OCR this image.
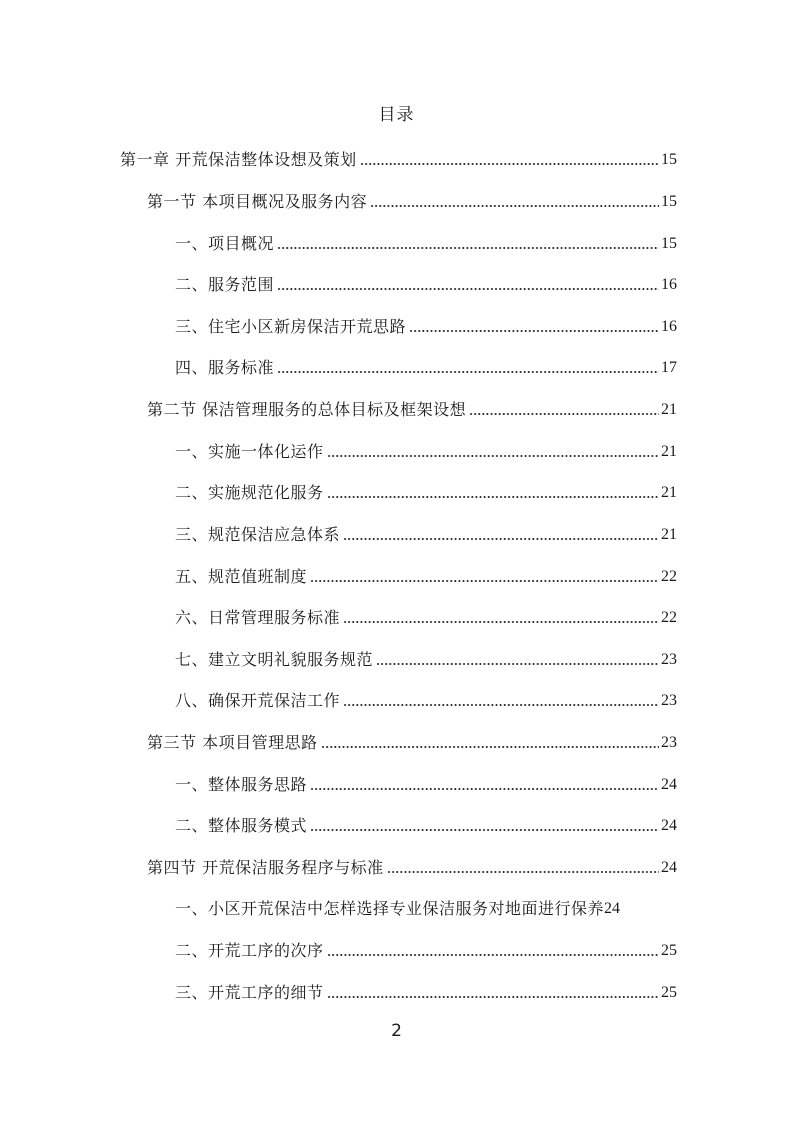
目录
第一章 开荒保洁整体设想及策划	15
第一节 本项目概况及服务内容	15
一、项目概况	15
二、服务范围	16
三、住宅小区新房保洁开荒思路	16
四、服务标准	17
第二节 保洁管理服务的总体目标及框架设想	21
一、实施一体化运作	21
二、实施规范化服务	21
三、规范保洁应急体系	21
五、规范值班制度	22
六、日常管理服务标准	22
七、建立文明礼貌服务规范	23
八、确保开荒保洁工作	23
第三节 本项目管理思路	23
一、整体服务思路	24
二、整体服务模式	24
第四节 开荒保洁服务程序与标准	24
一、小区开荒保洁中怎样选择专业保洁服务对地面进行保养 24
二、开荒工序的次序	25
三、开荒工序的细节	25
2
